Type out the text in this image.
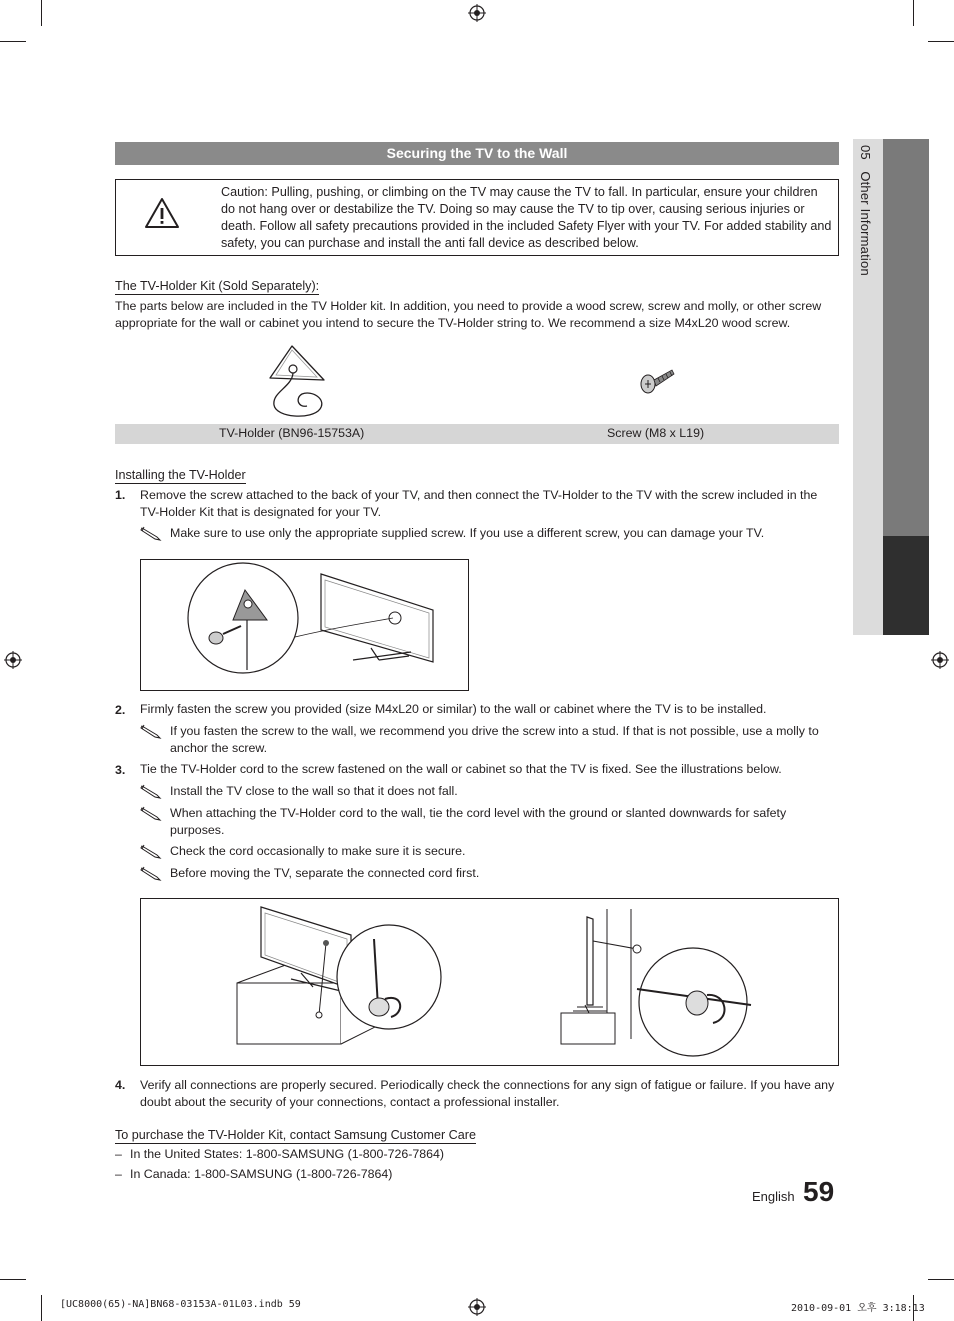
05   Other Information
Securing the TV to the Wall
Caution: Pulling, pushing, or climbing on the TV may cause the TV to fall. In particular, ensure your children do not hang over or destabilize the TV. Doing so may cause the TV to tip over, causing serious injuries or death. Follow all safety precautions provided in the included Safety Flyer with your TV. For added stability and safety, you can purchase and install the anti fall device as described below.
The TV-Holder Kit (Sold Separately):
The parts below are included in the TV Holder kit. In addition, you need to provide a wood screw, screw and molly, or other screw appropriate for the wall or cabinet you intend to secure the TV-Holder string to. We recommend a size M4xL20 wood screw.
TV-Holder (BN96-15753A)	Screw (M8 x L19)
Installing the TV-Holder
1. Remove the screw attached to the back of your TV, and then connect the TV-Holder to the TV with the screw included in the TV-Holder Kit that is designated for your TV.
Make sure to use only the appropriate supplied screw. If you use a different screw, you can damage your TV.
2. Firmly fasten the screw you provided (size M4xL20 or similar) to the wall or cabinet where the TV is to be installed.
If you fasten the screw to the wall, we recommend you drive the screw into a stud. If that is not possible, use a molly to anchor the screw.
3. Tie the TV-Holder cord to the screw fastened on the wall or cabinet so that the TV is fixed. See the illustrations below.
Install the TV close to the wall so that it does not fall.
When attaching the TV-Holder cord to the wall, tie the cord level with the ground or slanted downwards for safety purposes.
Check the cord occasionally to make sure it is secure.
Before moving the TV, separate the connected cord first.
4. Verify all connections are properly secured. Periodically check the connections for any sign of fatigue or failure. If you have any doubt about the security of your connections, contact a professional installer.
To purchase the TV-Holder Kit, contact Samsung Customer Care
– In the United States: 1-800-SAMSUNG (1-800-726-7864)
– In Canada: 1-800-SAMSUNG (1-800-726-7864)
English 59
[UC8000(65)-NA]BN68-03153A-01L03.indb 59	2010-09-01 오후 3:18:13
